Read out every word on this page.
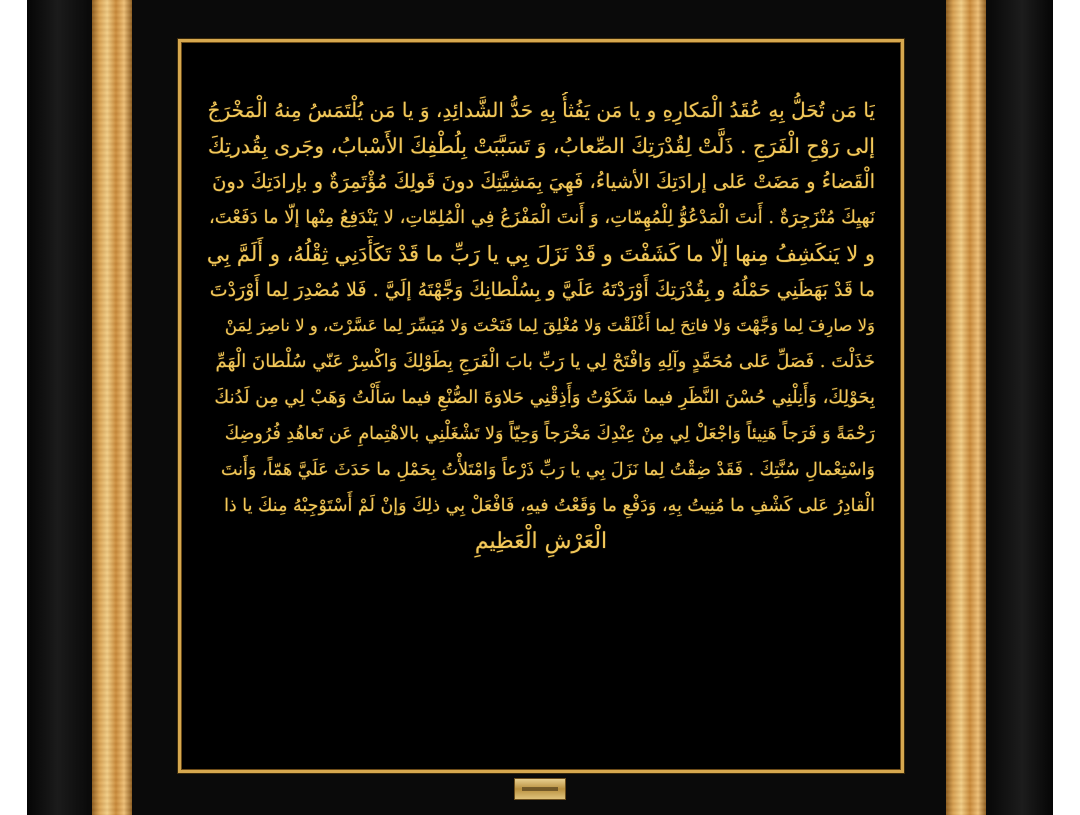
يَا مَن تُحَلُّ بِهِ عُقَدُ الْمَكارِهِ و يا مَن يَفُثأُ بِهِ حَدُّ الشَّدائِدِ، وَ يا مَن يُلْتَمَسُ مِنهُ الْمَخْرَجُ
إلى رَوْحِ الْفَرَجِ . ذَلَّتْ لِقُدْرَتِكَ الصِّعابُ، وَ تَسَبَّبَتْ بِلُطْفِكَ الأَسْبابُ، وجَرى بِقُدرتِكَ
الْقَضاءُ و مَضَتْ عَلى إرادَتِكَ الأشياءُ، فَهِيَ بِمَشِيَّتِكَ دونَ قَولِكَ مُؤْتَمِرَةٌ و بإرادَتِكَ دونَ
نَهيِكَ مُنْزَجِرَةٌ . أَنتَ الْمَدْعُوُّ لِلْمُهِمّاتِ، وَ أَنتَ الْمَفْزَعُ فِي الْمُلِمّاتِ، لا يَنْدَفِعُ مِنْها إلّا ما دَفَعْتَ،
و لا يَنكَشِفُ مِنها إلّا ما كَشَفْتَ و قَدْ نَزَلَ بِي يا رَبِّ ما قَدْ تَكَأَّدَنِي ثِقْلُهُ، و أَلَمَّ بِي
ما قَدْ بَهَظَنِي حَمْلُهُ و بِقُدْرَتِكَ أَوْرَدْتَهُ عَلَيَّ و بِسُلْطانِكَ وَجَّهْتَهُ إلَيَّ . فَلا مُصْدِرَ لِما أَوْرَدْتَ
وَلا صارِفَ لِما وَجَّهْتَ وَلا فاتِحَ لِما أَغْلَقْتَ وَلا مُغْلِقَ لِما فَتَحْتَ وَلا مُيَسِّرَ لِما عَسَّرْتَ، و لا ناصِرَ لِمَنْ
خَذَلْتَ . فَصَلِّ عَلى مُحَمَّدٍ وآلِهِ وَافْتَحْ لِي يا رَبِّ بابَ الْفَرَجِ بِطَوْلِكَ وَاكْسِرْ عَنّي سُلْطانَ الْهَمِّ
بِحَوْلِكَ، وَأَنِلْنِي حُسْنَ النَّظَرِ فيما شَكَوْتُ وَأَذِقْنِي حَلاوَةَ الصُّنْعِ فيما سَأَلْتُ وَهَبْ لِي مِن لَدُنكَ
رَحْمَةً وَ فَرَجاً هَنِيئاً وَاجْعَلْ لِي مِنْ عِنْدِكَ مَخْرَجاً وَحِيّاً وَلا تَشْغَلْنِي بالاهْتِمامِ عَن تَعاهُدِ فُرُوضِكَ
وَاسْتِعْمالِ سُنَّتِكَ . فَقَدْ ضِقْتُ لِما نَزَلَ بِي يا رَبِّ ذَرْعاً وَامْتَلأْتُ بِحَمْلِ ما حَدَثَ عَلَيَّ هَمّاً، وَأَنتَ
الْقادِرُ عَلى كَشْفِ ما مُنِيتُ بِهِ، وَدَفْعِ ما وَقَعْتُ فيهِ، فَافْعَلْ بِي ذلِكَ وَإنْ لَمْ أَسْتَوْجِبْهُ مِنكَ يا ذا
الْعَرْشِ الْعَظِيمِ
